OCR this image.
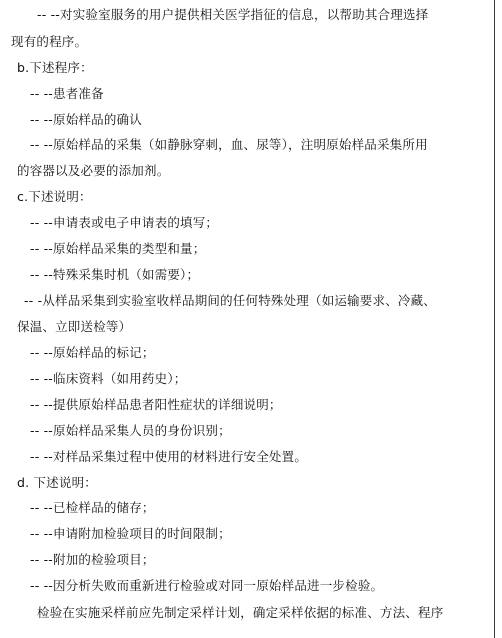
-- --对实验室服务的用户提供相关医学指征的信息，以帮助其合理选择
现有的程序。
b.下述程序：
-- --患者准备
-- --原始样品的确认
-- --原始样品的采集（如静脉穿刺，血、尿等），注明原始样品采集所用
的容器以及必要的添加剂。
c.下述说明：
-- --申请表或电子申请表的填写；
-- --原始样品采集的类型和量；
-- --特殊采集时机（如需要）；
-- -从样品采集到实验室收样品期间的任何特殊处理（如运输要求、冷藏、
保温、立即送检等）
-- --原始样品的标记；
-- --临床资料（如用药史）；
-- --提供原始样品患者阳性症状的详细说明；
-- --原始样品采集人员的身份识别；
-- --对样品采集过程中使用的材料进行安全处置。
d. 下述说明：
-- --已检样品的储存；
-- --申请附加检验项目的时间限制；
-- --附加的检验项目；
-- --因分析失败而重新进行检验或对同一原始样品进一步检验。
检验在实施采样前应先制定采样计划，确定采样依据的标准、方法、程序
